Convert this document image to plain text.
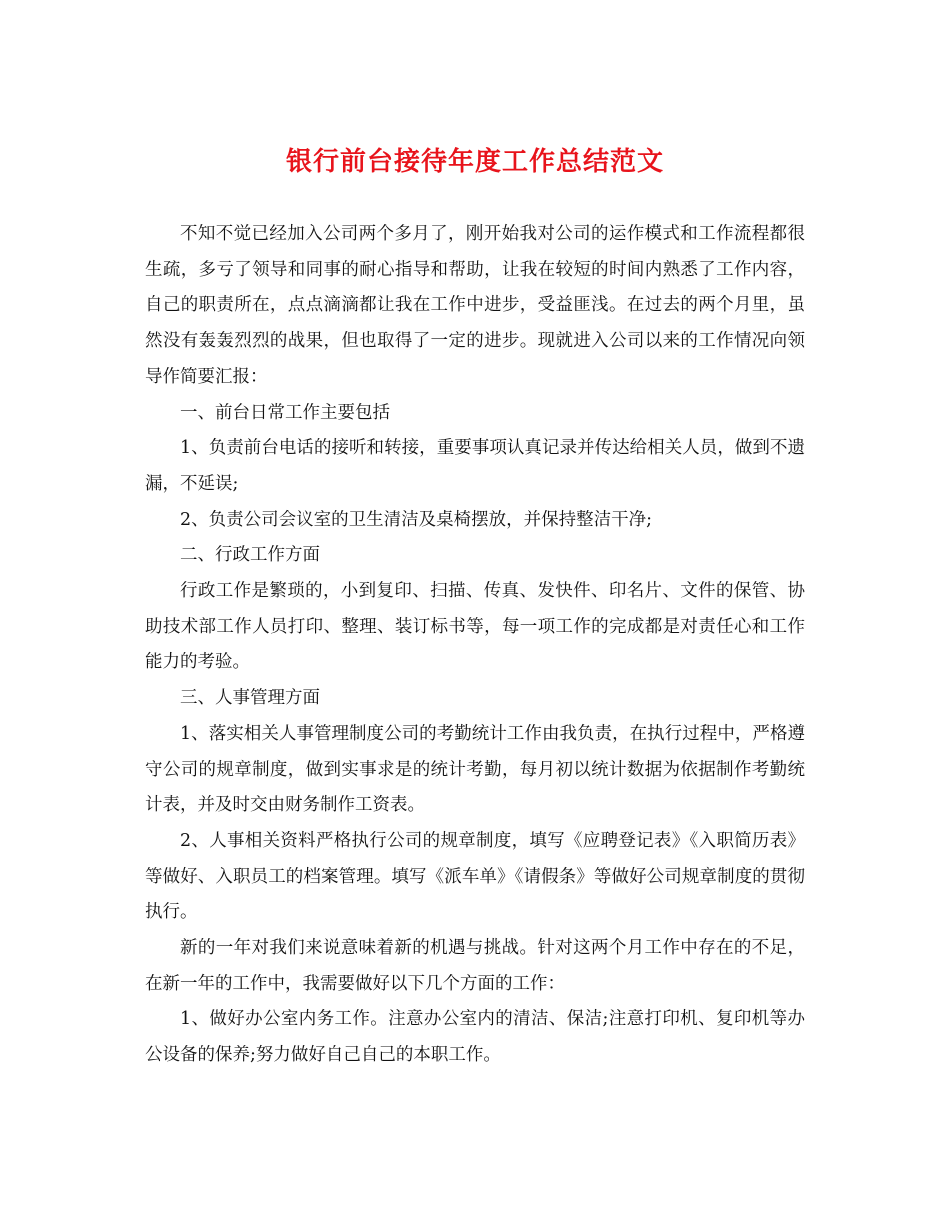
银行前台接待年度工作总结范文

不知不觉已经加入公司两个多月了，刚开始我对公司的运作模式和工作流程都很生疏，多亏了领导和同事的耐心指导和帮助，让我在较短的时间内熟悉了工作内容，自己的职责所在，点点滴滴都让我在工作中进步，受益匪浅。在过去的两个月里，虽然没有轰轰烈烈的战果，但也取得了一定的进步。现就进入公司以来的工作情况向领导作简要汇报：

一、前台日常工作主要包括

1、负责前台电话的接听和转接，重要事项认真记录并传达给相关人员，做到不遗漏，不延误;

2、负责公司会议室的卫生清洁及桌椅摆放，并保持整洁干净;

二、行政工作方面

行政工作是繁琐的，小到复印、扫描、传真、发快件、印名片、文件的保管、协助技术部工作人员打印、整理、装订标书等，每一项工作的完成都是对责任心和工作能力的考验。

三、人事管理方面

1、落实相关人事管理制度公司的考勤统计工作由我负责，在执行过程中，严格遵守公司的规章制度，做到实事求是的统计考勤，每月初以统计数据为依据制作考勤统计表，并及时交由财务制作工资表。

2、人事相关资料严格执行公司的规章制度，填写《应聘登记表》《入职简历表》等做好、入职员工的档案管理。填写《派车单》《请假条》等做好公司规章制度的贯彻执行。

新的一年对我们来说意味着新的机遇与挑战。针对这两个月工作中存在的不足，在新一年的工作中，我需要做好以下几个方面的工作：

1、做好办公室内务工作。注意办公室内的清洁、保洁;注意打印机、复印机等办公设备的保养;努力做好自己自己的本职工作。
